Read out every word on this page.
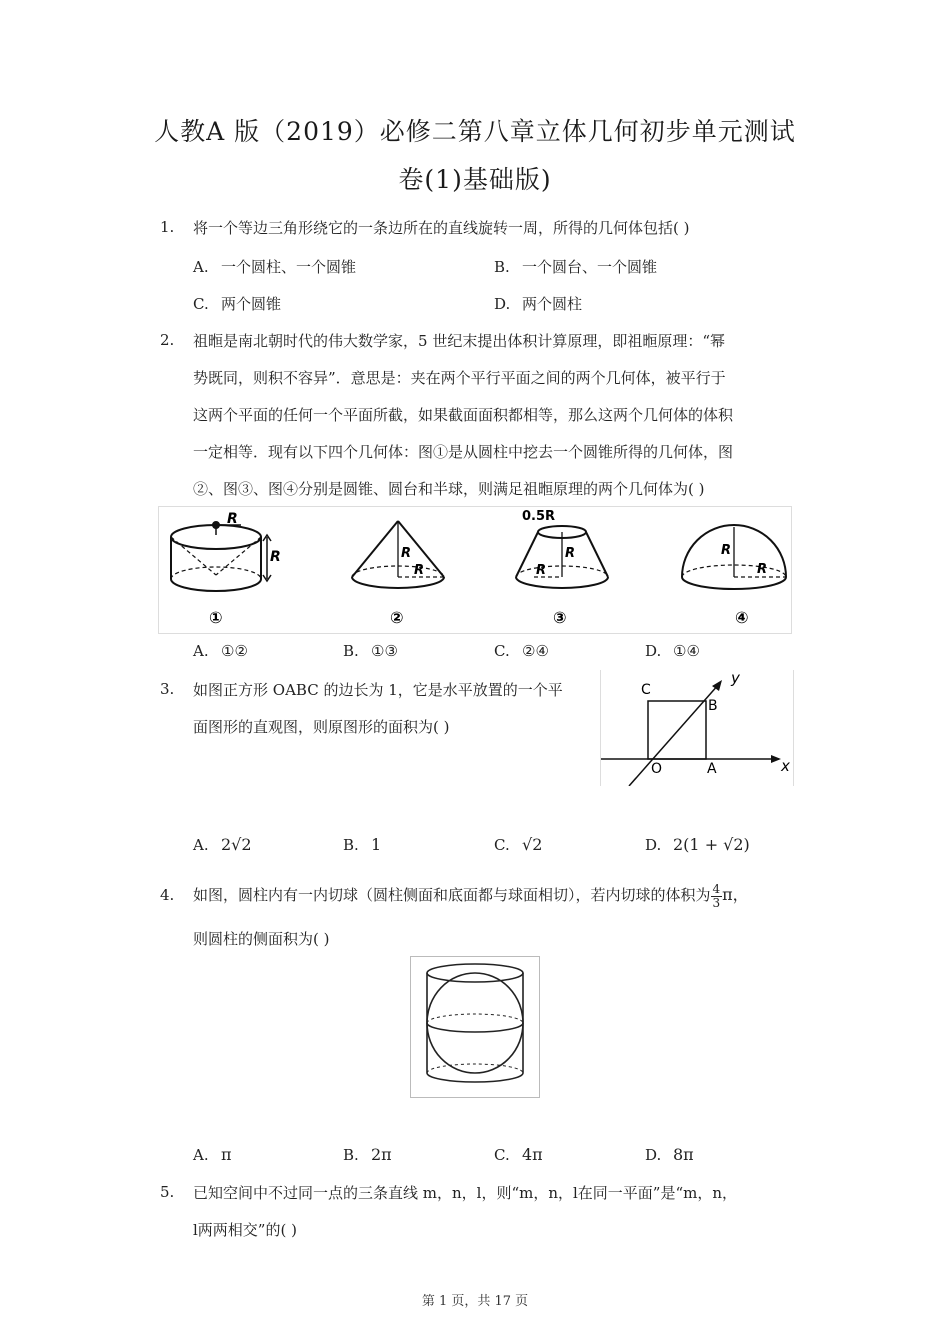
人教A 版（2019）必修二第八章立体几何初步单元测试
卷(1)基础版)
1. 将一个等边三角形绕它的一条边所在的直线旋转一周，所得的几何体包括( )
A. 一个圆柱、一个圆锥	B. 一个圆台、一个圆锥
C. 两个圆锥	D. 两个圆柱
2. 祖暅是南北朝时代的伟大数学家，5 世纪末提出体积计算原理，即祖暅原理：“幂
势既同，则积不容异”．意思是：夹在两个平行平面之间的两个几何体，被平行于
这两个平面的任何一个平面所截，如果截面面积都相等，那么这两个几何体的体积
一定相等．现有以下四个几何体：图①是从圆柱中挖去一个圆锥所得的几何体，图
②、图③、图④分别是圆锥、圆台和半球，则满足祖暅原理的两个几何体为( )
R
R
①
R
R
②
0.5R
R
R
③
R
R
④
A. ①②	B. ①③	C. ②④	D. ①④
3. 如图正方形 OABC 的边长为 1，它是水平放置的一个平
面图形的直观图，则原图形的面积为( )
C
B
O	A	x
y
A. 2√2	B. 1	C. √2	D. 2(1 + √2)
4. 如图，圆柱内有一内切球（圆柱侧面和底面都与球面相切），若内切球的体积为 $\frac{4}{3}$ π，
则圆柱的侧面积为( )
A. π	B. 2π	C. 4π	D. 8π
5. 已知空间中不过同一点的三条直线 m，n，l，则“m，n，l在同一平面”是“m，n，
l两两相交”的( )
第 1 页，共 17 页
